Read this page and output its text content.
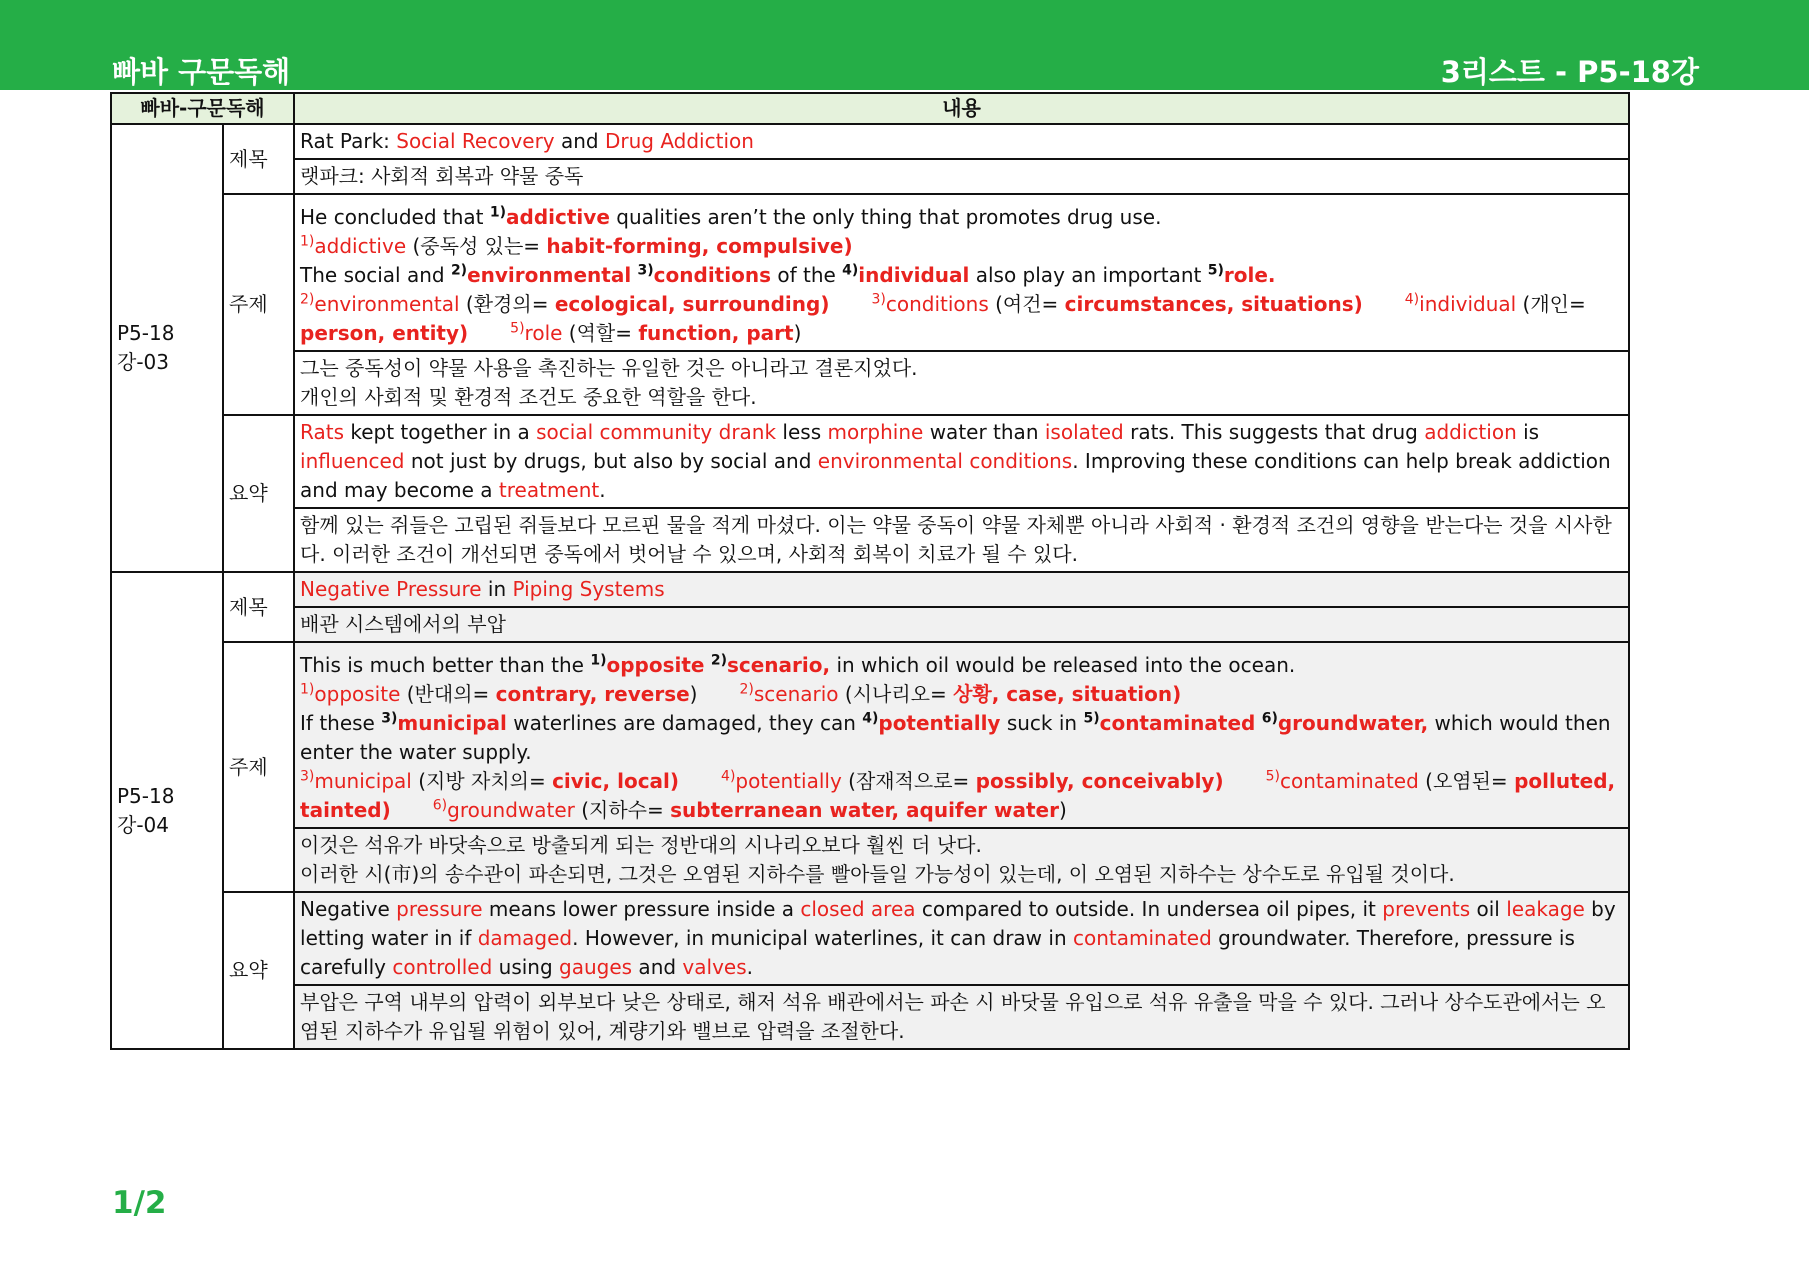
빠바 구문독해	3리스트 - P5-18강
빠바-구문독해		내용
P5-18강-03	제목	Rat Park: Social Recovery and Drug Addiction
		랫파크: 사회적 회복과 약물 중독
	주제	He concluded that $^{1)}$addictive qualities aren’t the only thing that promotes drug use.
$^{1)}$addictive (중독성 있는= habit-forming, compulsive)
The social and $^{2)}$environmental $^{3)}$conditions of the $^{4)}$individual also play an important $^{5)}$role.
$^{2)}$environmental (환경의= ecological, surrounding) $^{3)}$conditions (여건= circumstances, situations) $^{4)}$individual (개인= person, entity) $^{5)}$role (역할= function, part)

		그는 중독성이 약물 사용을 촉진하는 유일한 것은 아니라고 결론지었다.
개인의 사회적 및 환경적 조건도 중요한 역할을 한다.

	요약	Rats kept together in a social community drank less morphine water than isolated rats. This suggests that drug addiction is influenced not just by drugs, but also by social and environmental conditions. Improving these conditions can help break addiction and may become a treatment.
		함께 있는 쥐들은 고립된 쥐들보다 모르핀 물을 적게 마셨다. 이는 약물 중독이 약물 자체뿐 아니라 사회적 · 환경적 조건의 영향을 받는다는 것을 시사한다. 이러한 조건이 개선되면 중독에서 벗어날 수 있으며, 사회적 회복이 치료가 될 수 있다.
P5-18강-04	제목	Negative Pressure in Piping Systems
		배관 시스템에서의 부압
	주제	This is much better than the $^{1)}$opposite $^{2)}$scenario, in which oil would be released into the ocean.
$^{1)}$opposite (반대의= contrary, reverse) $^{2)}$scenario (시나리오= 상황, case, situation)
If these $^{3)}$municipal waterlines are damaged, they can $^{4)}$potentially suck in $^{5)}$contaminated $^{6)}$groundwater, which would then enter the water supply.
$^{3)}$municipal (지방 자치의= civic, local) $^{4)}$potentially (잠재적으로= possibly, conceivably) $^{5)}$contaminated (오염된= polluted, tainted) $^{6)}$groundwater (지하수= subterranean water, aquifer water)

		이것은 석유가 바닷속으로 방출되게 되는 정반대의 시나리오보다 훨씬 더 낫다.
이러한 시(市)의 송수관이 파손되면, 그것은 오염된 지하수를 빨아들일 가능성이 있는데, 이 오염된 지하수는 상수도로 유입될 것이다.

	요약	Negative pressure means lower pressure inside a closed area compared to outside. In undersea oil pipes, it prevents oil leakage by letting water in if damaged. However, in municipal waterlines, it can draw in contaminated groundwater. Therefore, pressure is carefully controlled using gauges and valves.
		부압은 구역 내부의 압력이 외부보다 낮은 상태로, 해저 석유 배관에서는 파손 시 바닷물 유입으로 석유 유출을 막을 수 있다. 그러나 상수도관에서는 오염된 지하수가 유입될 위험이 있어, 계량기와 밸브로 압력을 조절한다.
1/2
